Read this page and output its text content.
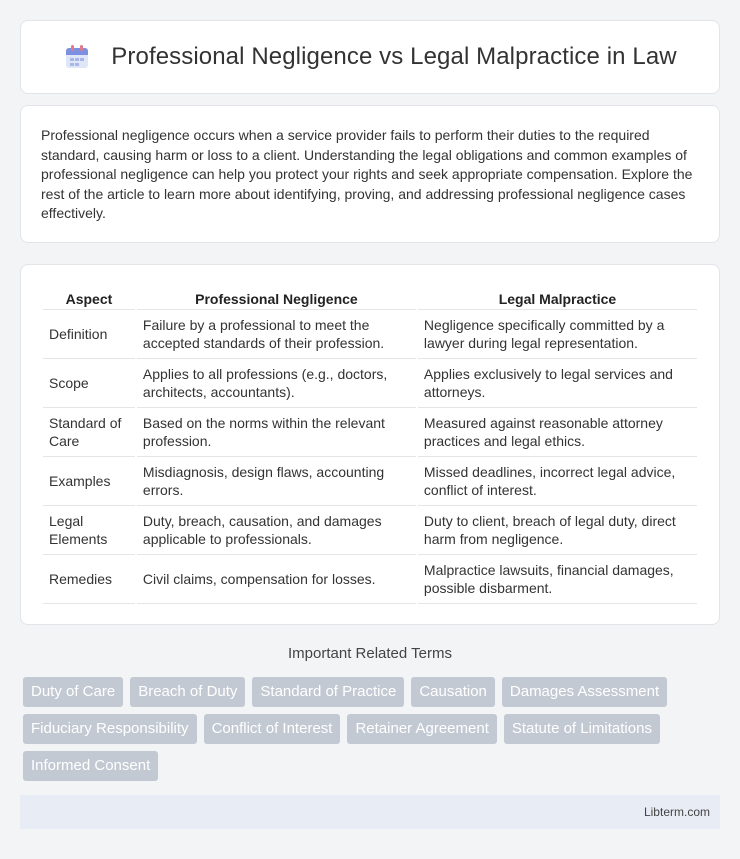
Professional Negligence vs Legal Malpractice in Law

Professional negligence occurs when a service provider fails to perform their duties to the required standard, causing harm or loss to a client. Understanding the legal obligations and common examples of professional negligence can help you protect your rights and seek appropriate compensation. Explore the rest of the article to learn more about identifying, proving, and addressing professional negligence cases effectively.

Aspect	Professional Negligence	Legal Malpractice
Definition	Failure by a professional to meet the accepted standards of their profession.	Negligence specifically committed by a lawyer during legal representation.
Scope	Applies to all professions (e.g., doctors, architects, accountants).	Applies exclusively to legal services and attorneys.
Standard of Care	Based on the norms within the relevant profession.	Measured against reasonable attorney practices and legal ethics.
Examples	Misdiagnosis, design flaws, accounting errors.	Missed deadlines, incorrect legal advice, conflict of interest.
Legal Elements	Duty, breach, causation, and damages applicable to professionals.	Duty to client, breach of legal duty, direct harm from negligence.
Remedies	Civil claims, compensation for losses.	Malpractice lawsuits, financial damages, possible disbarment.
Important Related Terms
Duty of Care	Breach of Duty	Standard of Practice	Causation	Damages Assessment
Fiduciary Responsibility	Conflict of Interest	Retainer Agreement	Statute of Limitations
Informed Consent
Libterm.com
